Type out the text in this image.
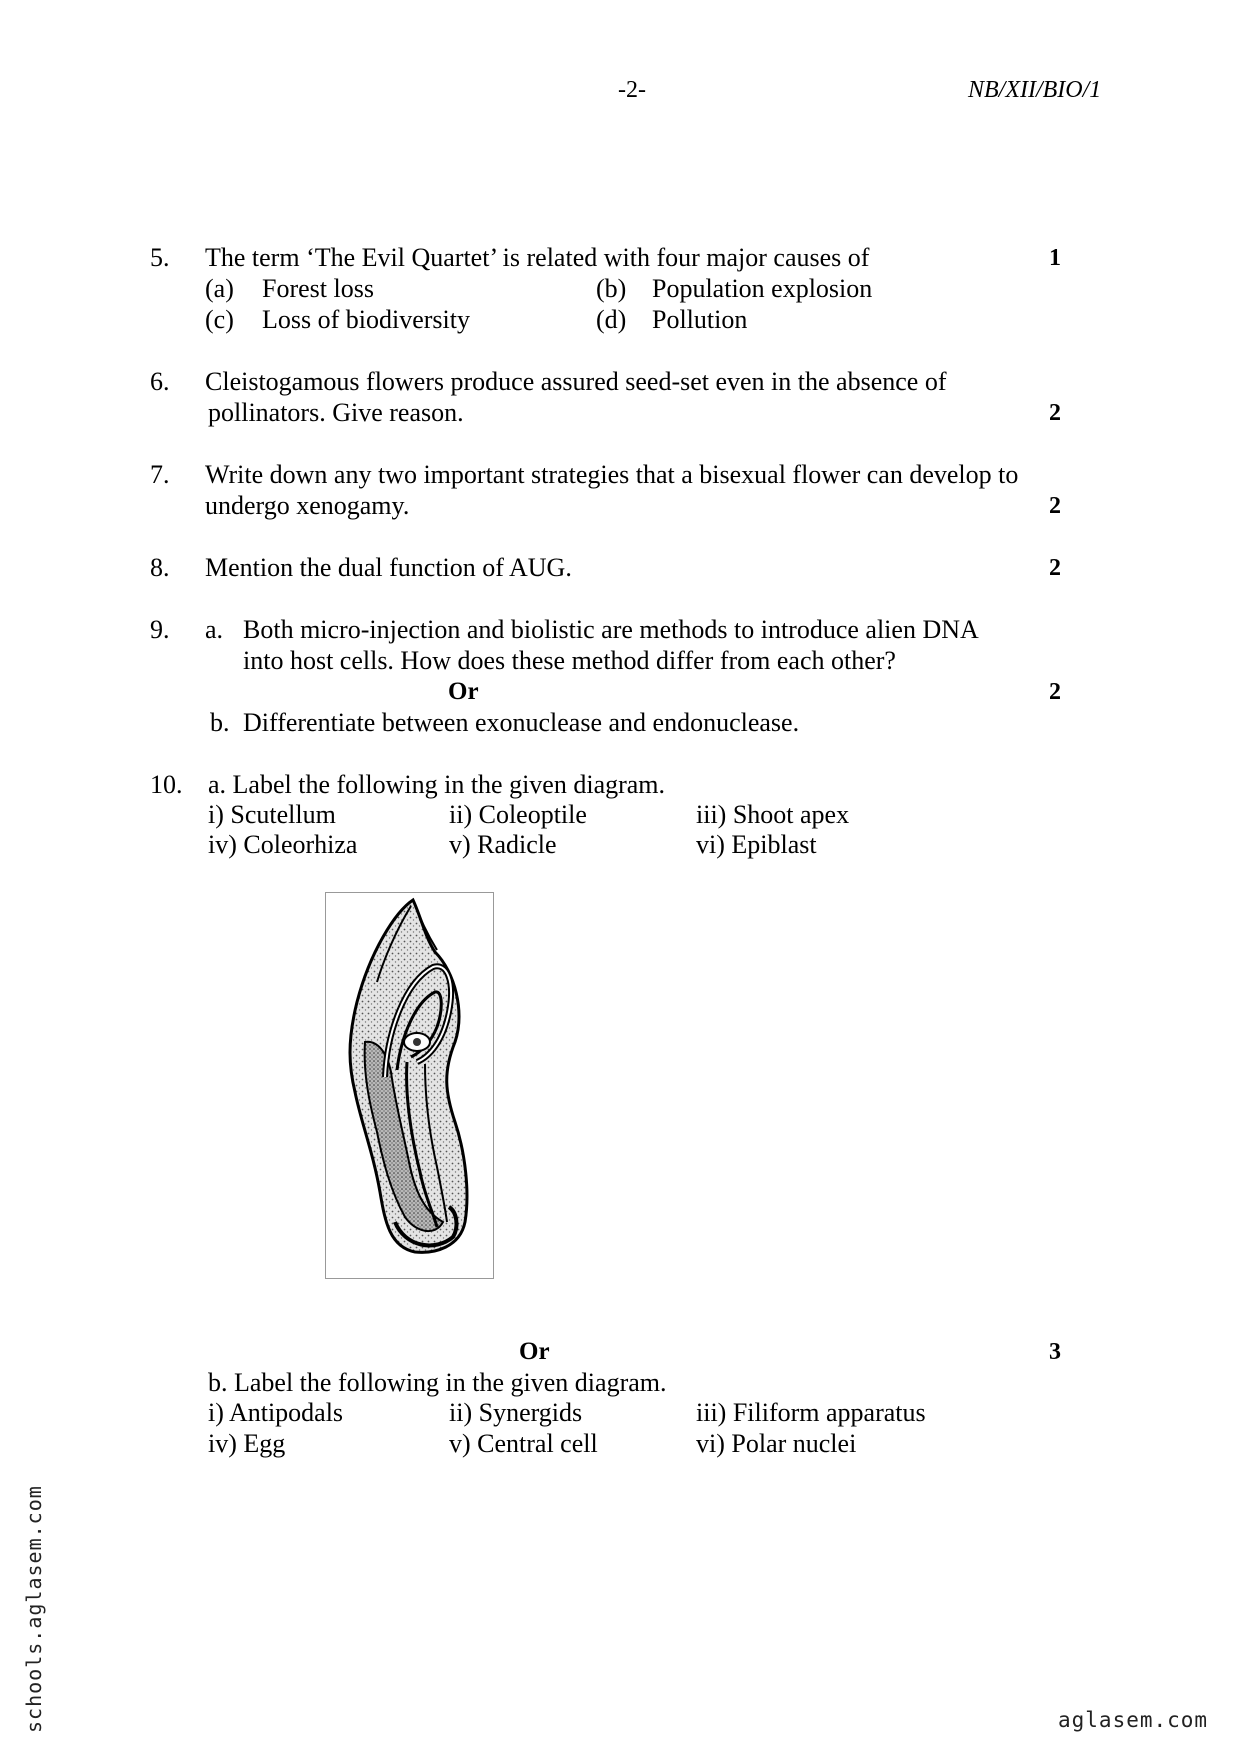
-2-	NB/XII/BIO/1
5. The term ‘The Evil Quartet’ is related with four major causes of	1
(a) Forest loss	(b) Population explosion
(c) Loss of biodiversity	(d) Pollution
6. Cleistogamous flowers produce assured seed-set even in the absence of
pollinators. Give reason.	2
7. Write down any two important strategies that a bisexual flower can develop to
undergo xenogamy.	2
8. Mention the dual function of AUG.	2
9. a. Both micro-injection and biolistic are methods to introduce alien DNA
into host cells. How does these method differ from each other?
Or	2
b. Differentiate between exonuclease and endonuclease.
10. a. Label the following in the given diagram.
i) Scutellum	ii) Coleoptile	iii) Shoot apex
iv) Coleorhiza	v) Radicle	vi) Epiblast
Or	3
b. Label the following in the given diagram.
i) Antipodals	ii) Synergids	iii) Filiform apparatus
iv) Egg	v) Central cell	vi) Polar nuclei
schools.aglasem.com	aglasem.com
